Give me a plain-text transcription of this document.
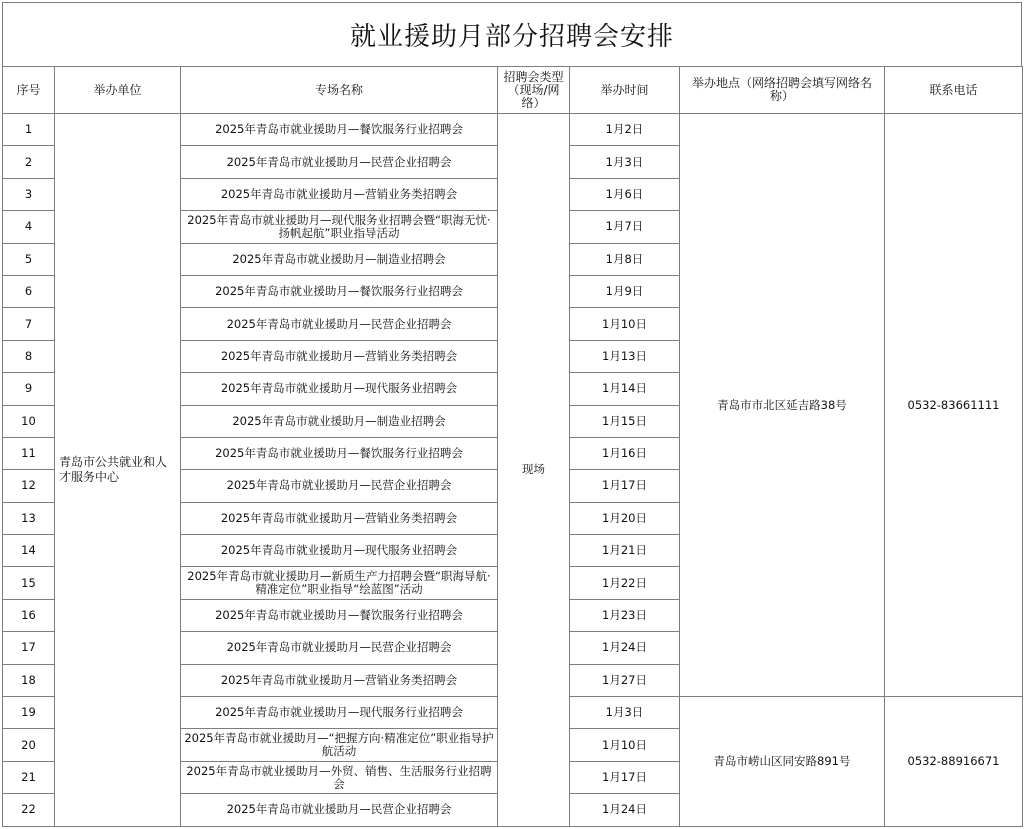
就业援助月部分招聘会安排
序号	举办单位	专场名称	招聘会类型（现场/网络）	举办时间	举办地点（网络招聘会填写网络名称）	联系电话
1	青岛市公共就业和人才服务中心	2025年青岛市就业援助月—餐饮服务行业招聘会	现场	1月2日	青岛市市北区延吉路38号	0532-83661111
2		2025年青岛市就业援助月—民营企业招聘会		1月3日		
3		2025年青岛市就业援助月—营销业务类招聘会		1月6日		
4		2025年青岛市就业援助月—现代服务业招聘会暨“职海无忧·扬帆起航”职业指导活动		1月7日		
5		2025年青岛市就业援助月—制造业招聘会		1月8日		
6		2025年青岛市就业援助月—餐饮服务行业招聘会		1月9日		
7		2025年青岛市就业援助月—民营企业招聘会		1月10日		
8		2025年青岛市就业援助月—营销业务类招聘会		1月13日		
9		2025年青岛市就业援助月—现代服务业招聘会		1月14日		
10		2025年青岛市就业援助月—制造业招聘会		1月15日		
11		2025年青岛市就业援助月—餐饮服务行业招聘会		1月16日		
12		2025年青岛市就业援助月—民营企业招聘会		1月17日		
13		2025年青岛市就业援助月—营销业务类招聘会		1月20日		
14		2025年青岛市就业援助月—现代服务业招聘会		1月21日		
15		2025年青岛市就业援助月—新质生产力招聘会暨“职海导航·精准定位”职业指导“绘蓝图”活动		1月22日		
16		2025年青岛市就业援助月—餐饮服务行业招聘会		1月23日		
17		2025年青岛市就业援助月—民营企业招聘会		1月24日		
18		2025年青岛市就业援助月—营销业务类招聘会		1月27日		
19		2025年青岛市就业援助月—现代服务行业招聘会		1月3日	青岛市崂山区同安路891号	0532-88916671
20		2025年青岛市就业援助月—“把握方向·精准定位”职业指导护航活动		1月10日		
21		2025年青岛市就业援助月—外贸、销售、生活服务行业招聘会		1月17日		
22		2025年青岛市就业援助月—民营企业招聘会		1月24日		
